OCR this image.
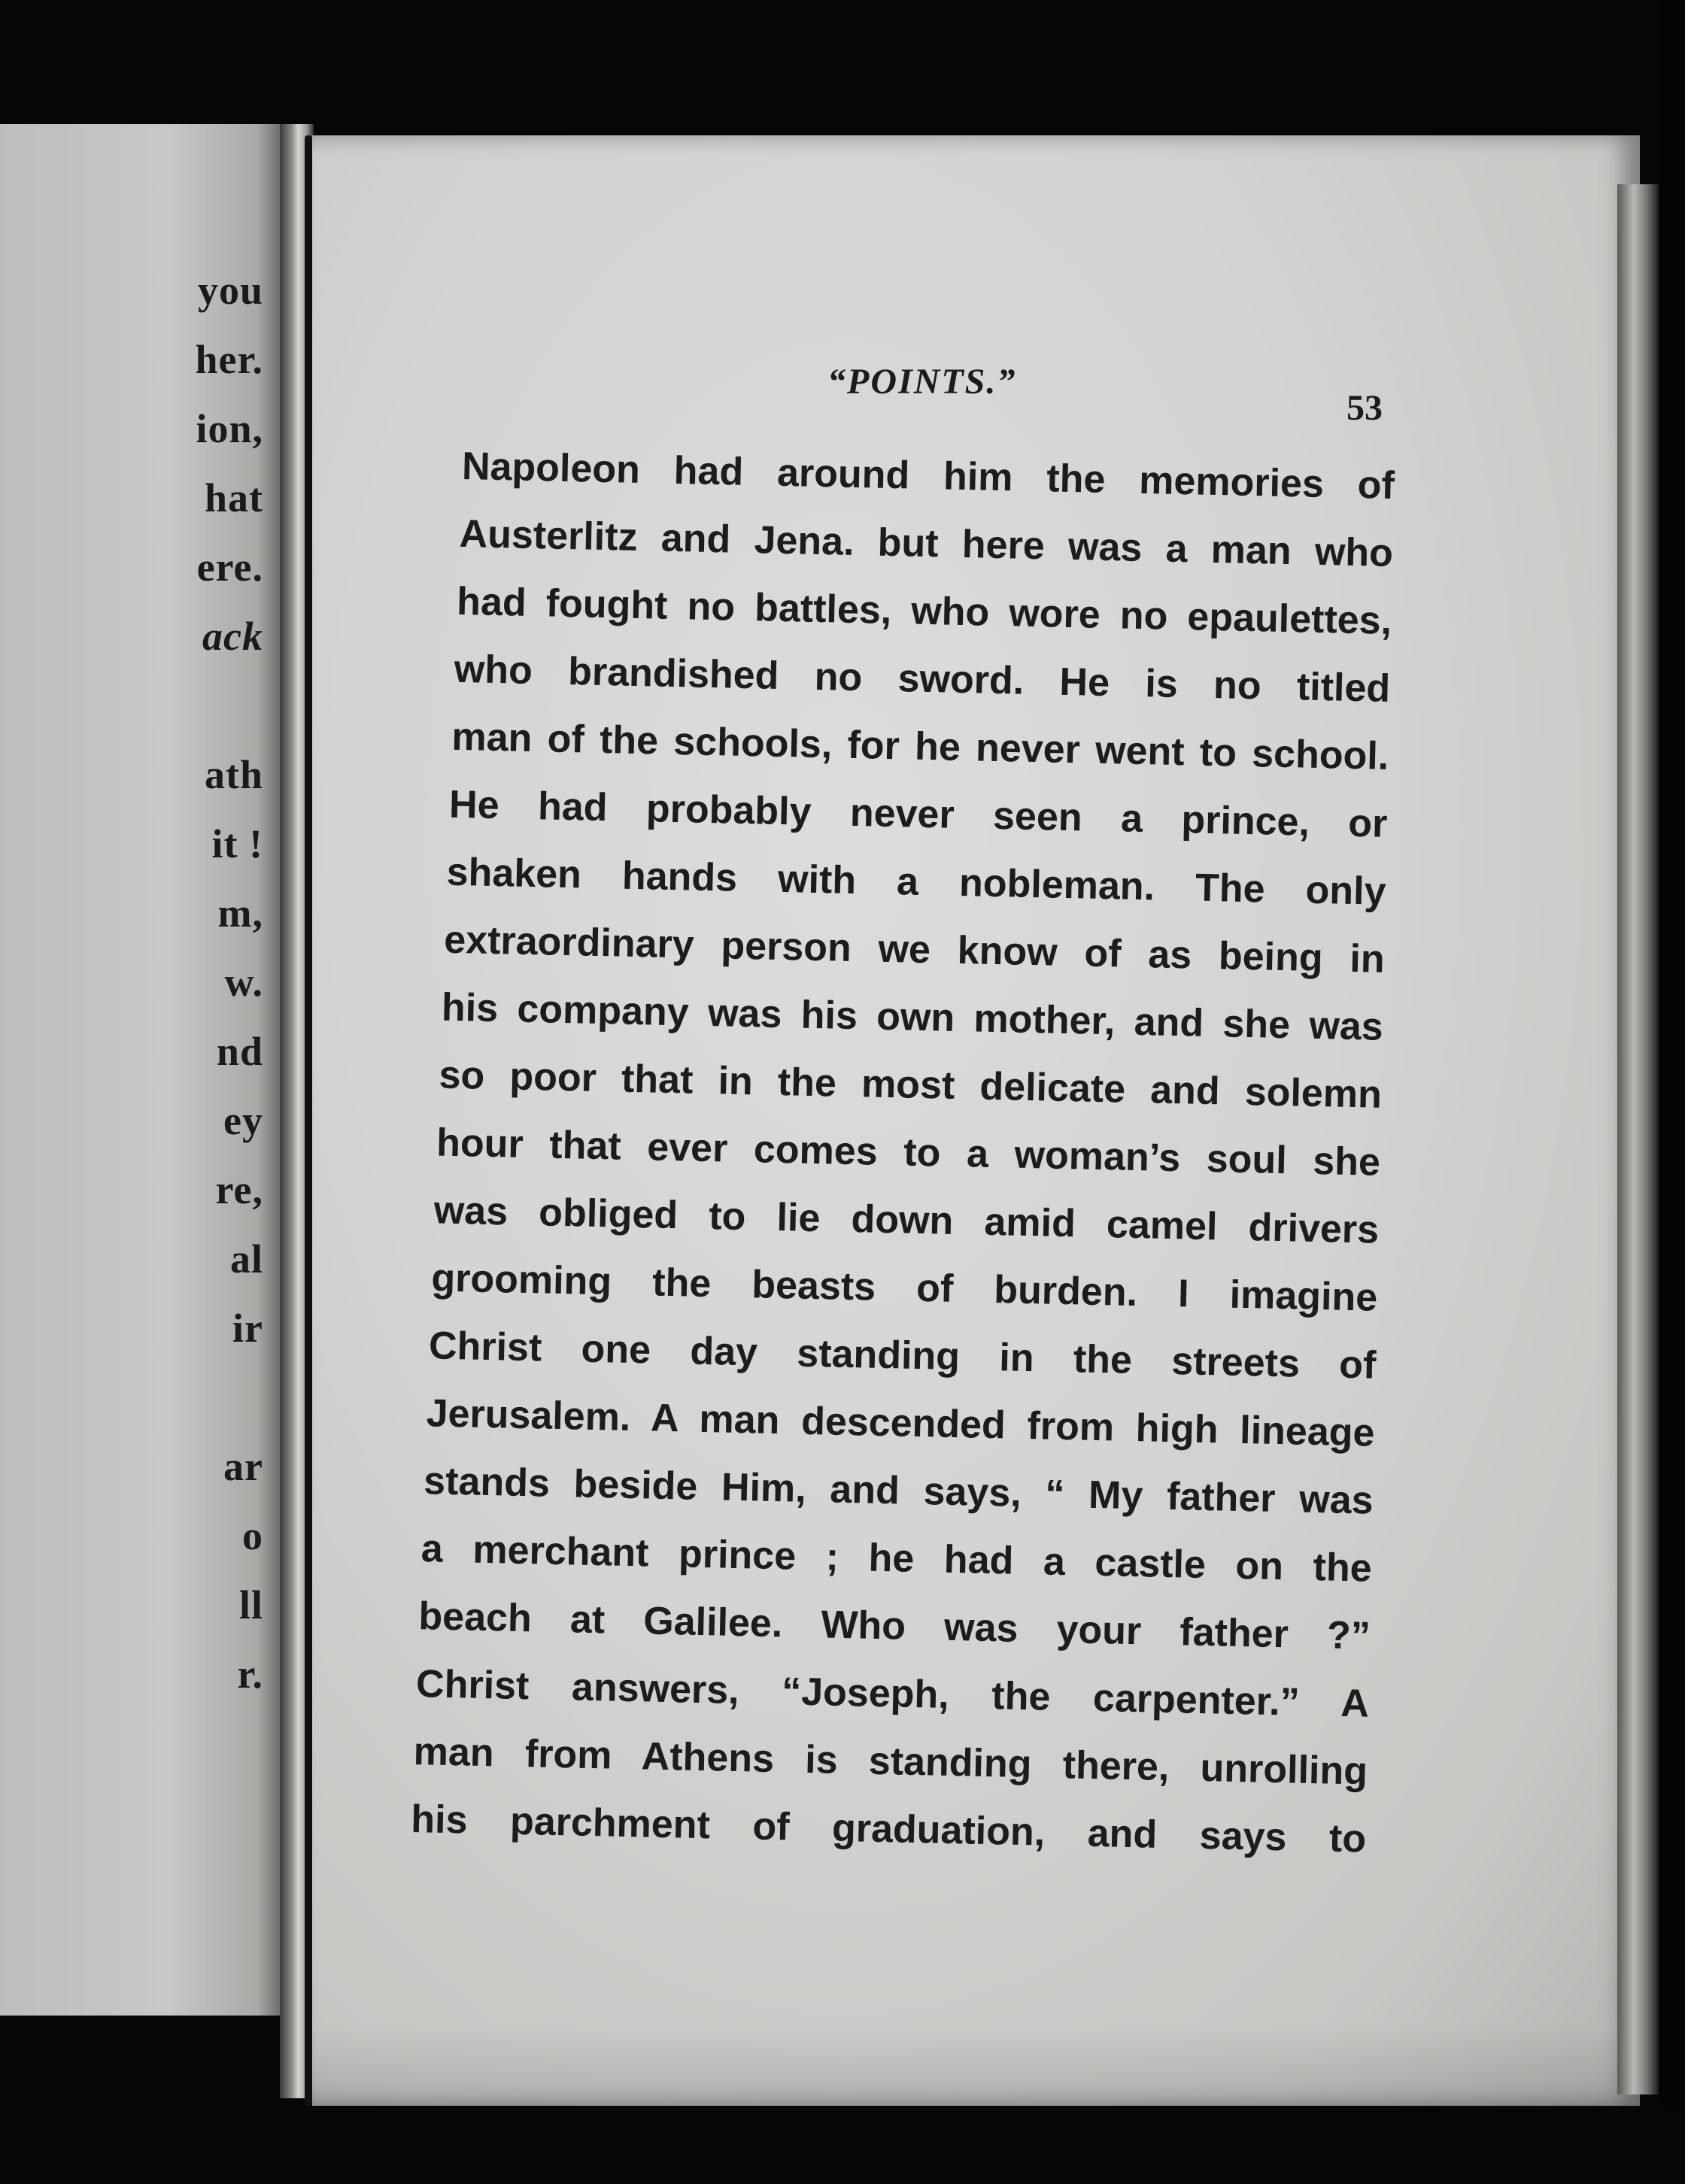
you
her.
ion,
hat
ere.
ack
ath
it !
m,
w.
nd
ey
re,
al
ir
ar
o
ll
r.
“POINTS.”
53
Napoleon had around him the memories of
Austerlitz and Jena. but here was a man who
had fought no battles, who wore no epaulettes,
who brandished no sword. He is no titled
man of the schools, for he never went to school.
He had probably never seen a prince, or
shaken hands with a nobleman. The only
extraordinary person we know of as being in
his company was his own mother, and she was
so poor that in the most delicate and solemn
hour that ever comes to a woman’s soul she
was obliged to lie down amid camel drivers
grooming the beasts of burden. I imagine
Christ one day standing in the streets of
Jerusalem. A man descended from high lineage
stands beside Him, and says, “ My father was
a merchant prince ; he had a castle on the
beach at Galilee. Who was your father ?”
Christ answers, “Joseph, the carpenter.” A
man from Athens is standing there, unrolling
his parchment of graduation, and says to
